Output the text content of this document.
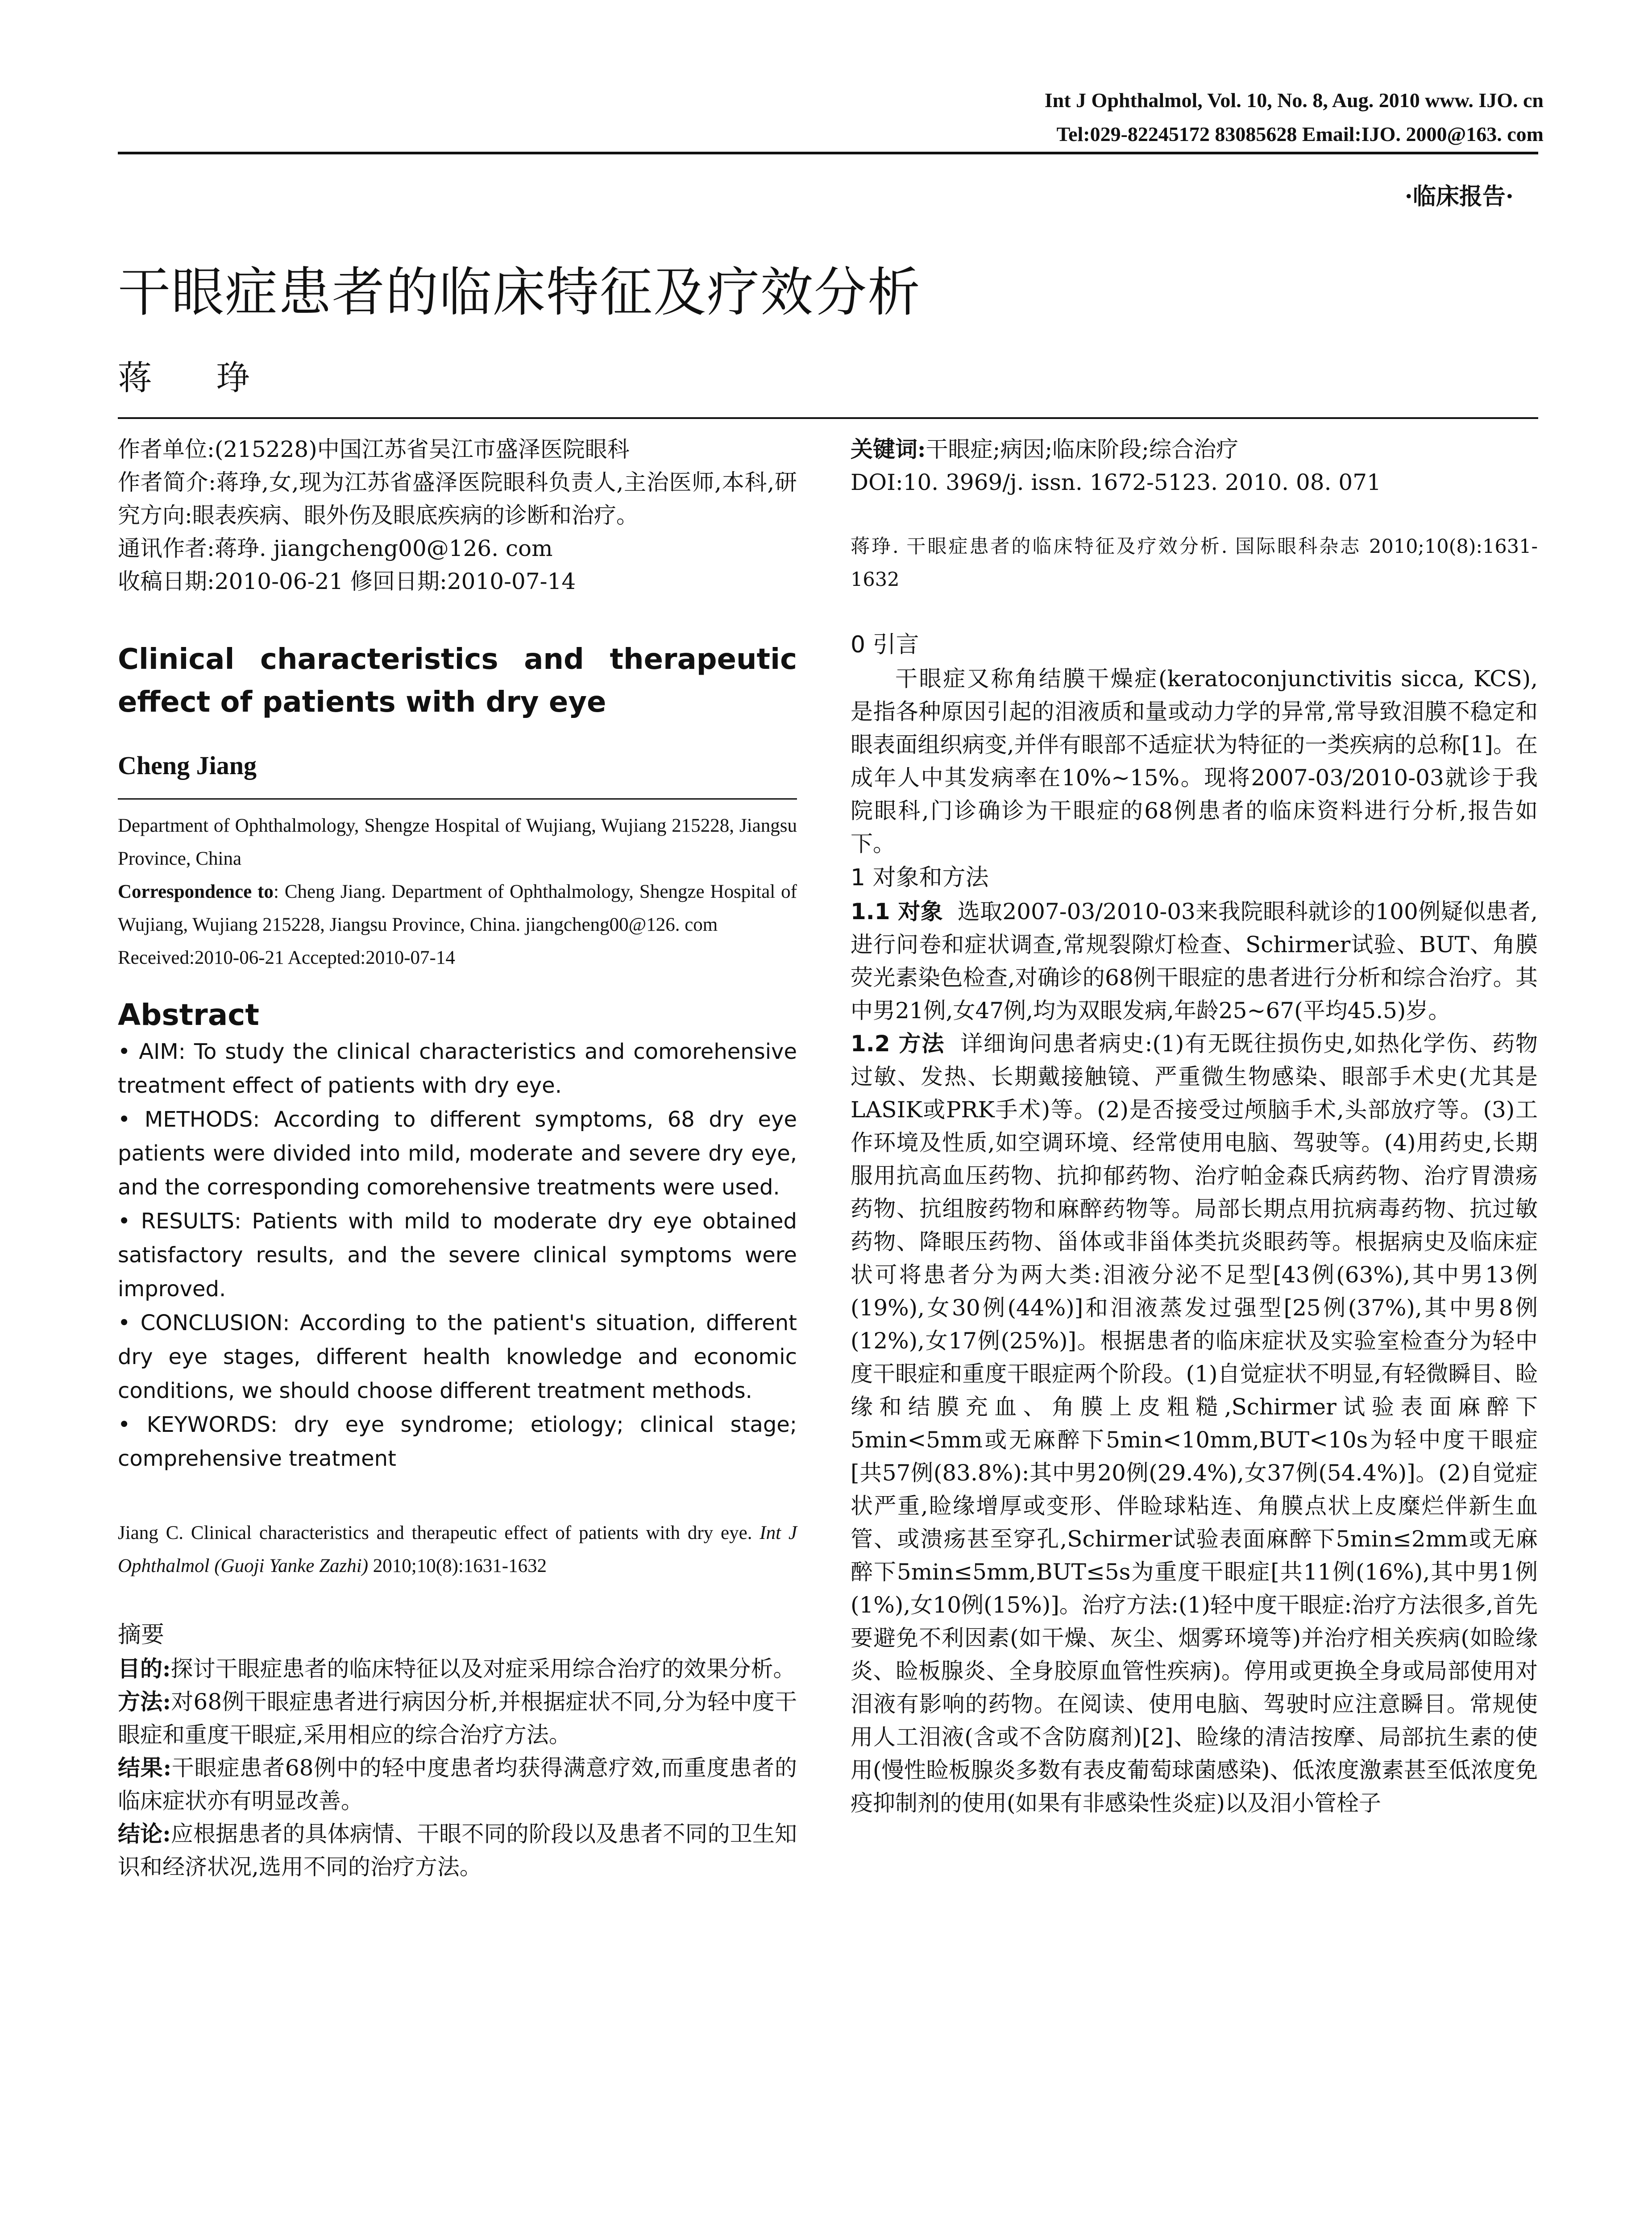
Int J Ophthalmol, Vol. 10, No. 8, Aug. 2010 www. IJO. cn
Tel:029-82245172 83085628 Email:IJO. 2000@163. com
·临床报告·
干眼症患者的临床特征及疗效分析
蒋 琤

作者单位:(215228)中国江苏省吴江市盛泽医院眼科

作者简介:蒋琤,女,现为江苏省盛泽医院眼科负责人,主治医师,本科,研究方向:眼表疾病、眼外伤及眼底疾病的诊断和治疗。

通讯作者:蒋琤. jiangcheng00@126. com

收稿日期:2010-06-21 修回日期:2010-07-14

Clinical characteristics and therapeutic effect of patients with dry eye

Cheng Jiang

Department of Ophthalmology, Shengze Hospital of Wujiang, Wujiang 215228, Jiangsu Province, China

Correspondence to: Cheng Jiang. Department of Ophthalmology, Shengze Hospital of Wujiang, Wujiang 215228, Jiangsu Province, China. jiangcheng00@126. com

Received:2010-06-21 Accepted:2010-07-14

Abstract

• AIM: To study the clinical characteristics and comorehensive treatment effect of patients with dry eye.

• METHODS: According to different symptoms, 68 dry eye patients were divided into mild, moderate and severe dry eye, and the corresponding comorehensive treatments were used.

• RESULTS: Patients with mild to moderate dry eye obtained satisfactory results, and the severe clinical symptoms were improved.

• CONCLUSION: According to the patient's situation, different dry eye stages, different health knowledge and economic conditions, we should choose different treatment methods.

• KEYWORDS: dry eye syndrome; etiology; clinical stage; comprehensive treatment

Jiang C. Clinical characteristics and therapeutic effect of patients with dry eye. Int J Ophthalmol (Guoji Yanke Zazhi) 2010;10(8):1631-1632

摘要

目的:探讨干眼症患者的临床特征以及对症采用综合治疗的效果分析。

方法:对68例干眼症患者进行病因分析,并根据症状不同,分为轻中度干眼症和重度干眼症,采用相应的综合治疗方法。

结果:干眼症患者68例中的轻中度患者均获得满意疗效,而重度患者的临床症状亦有明显改善。

结论:应根据患者的具体病情、干眼不同的阶段以及患者不同的卫生知识和经济状况,选用不同的治疗方法。

关键词:干眼症;病因;临床阶段;综合治疗

DOI:10. 3969/j. issn. 1672-5123. 2010. 08. 071

蒋琤. 干眼症患者的临床特征及疗效分析. 国际眼科杂志 2010;10(8):1631-1632

0 引言

干眼症又称角结膜干燥症(keratoconjunctivitis sicca, KCS),是指各种原因引起的泪液质和量或动力学的异常,常导致泪膜不稳定和眼表面组织病变,并伴有眼部不适症状为特征的一类疾病的总称[1]。在成年人中其发病率在10%~15%。现将2007-03/2010-03就诊于我院眼科,门诊确诊为干眼症的68例患者的临床资料进行分析,报告如下。

1 对象和方法

1.1 对象 选取2007-03/2010-03来我院眼科就诊的100例疑似患者,进行问卷和症状调查,常规裂隙灯检查、Schirmer试验、BUT、角膜荧光素染色检查,对确诊的68例干眼症的患者进行分析和综合治疗。其中男21例,女47例,均为双眼发病,年龄25~67(平均45.5)岁。

1.2 方法 详细询问患者病史:(1)有无既往损伤史,如热化学伤、药物过敏、发热、长期戴接触镜、严重微生物感染、眼部手术史(尤其是LASIK或PRK手术)等。(2)是否接受过颅脑手术,头部放疗等。(3)工作环境及性质,如空调环境、经常使用电脑、驾驶等。(4)用药史,长期服用抗高血压药物、抗抑郁药物、治疗帕金森氏病药物、治疗胃溃疡药物、抗组胺药物和麻醉药物等。局部长期点用抗病毒药物、抗过敏药物、降眼压药物、甾体或非甾体类抗炎眼药等。根据病史及临床症状可将患者分为两大类:泪液分泌不足型[43例(63%),其中男13例(19%),女30例(44%)]和泪液蒸发过强型[25例(37%),其中男8例(12%),女17例(25%)]。根据患者的临床症状及实验室检查分为轻中度干眼症和重度干眼症两个阶段。(1)自觉症状不明显,有轻微瞬目、睑缘和结膜充血、角膜上皮粗糙,Schirmer试验表面麻醉下5min<5mm或无麻醉下5min<10mm,BUT<10s为轻中度干眼症[共57例(83.8%):其中男20例(29.4%),女37例(54.4%)]。(2)自觉症状严重,睑缘增厚或变形、伴睑球粘连、角膜点状上皮糜烂伴新生血管、或溃疡甚至穿孔,Schirmer试验表面麻醉下5min≤2mm或无麻醉下5min≤5mm,BUT≤5s为重度干眼症[共11例(16%),其中男1例(1%),女10例(15%)]。治疗方法:(1)轻中度干眼症:治疗方法很多,首先要避免不利因素(如干燥、灰尘、烟雾环境等)并治疗相关疾病(如睑缘炎、睑板腺炎、全身胶原血管性疾病)。停用或更换全身或局部使用对泪液有影响的药物。在阅读、使用电脑、驾驶时应注意瞬目。常规使用人工泪液(含或不含防腐剂)[2]、睑缘的清洁按摩、局部抗生素的使用(慢性睑板腺炎多数有表皮葡萄球菌感染)、低浓度激素甚至低浓度免疫抑制剂的使用(如果有非感染性炎症)以及泪小管栓子
